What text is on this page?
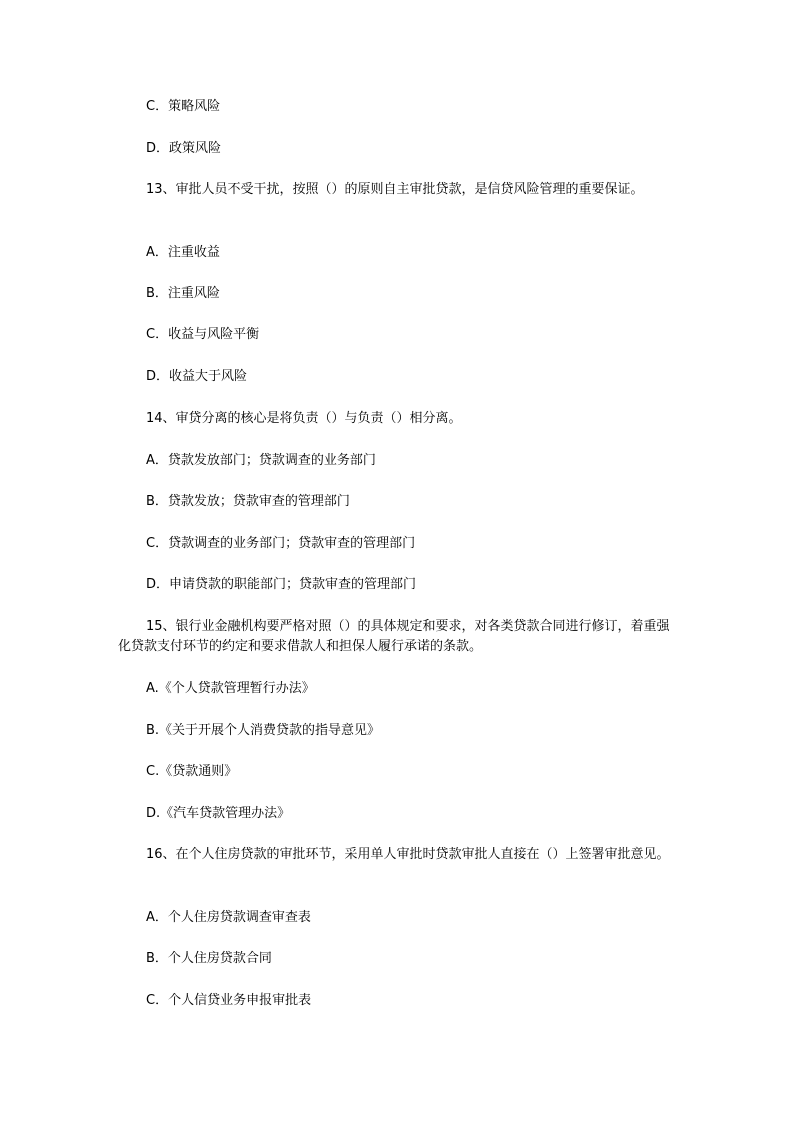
C．策略风险
D．政策风险
13、审批人员不受干扰，按照（）的原则自主审批贷款，是信贷风险管理的重要保证。
A．注重收益
B．注重风险
C．收益与风险平衡
D．收益大于风险
14、审贷分离的核心是将负责（）与负责（）相分离。
A．贷款发放部门；贷款调查的业务部门
B．贷款发放；贷款审查的管理部门
C．贷款调查的业务部门；贷款审查的管理部门
D．申请贷款的职能部门；贷款审查的管理部门
15、银行业金融机构要严格对照（）的具体规定和要求，对各类贷款合同进行修订，着重强化贷款支付环节的约定和要求借款人和担保人履行承诺的条款。
A.《个人贷款管理暂行办法》
B.《关于开展个人消费贷款的指导意见》
C.《贷款通则》
D.《汽车贷款管理办法》
16、在个人住房贷款的审批环节，采用单人审批时贷款审批人直接在（）上签署审批意见。
A．个人住房贷款调查审查表
B．个人住房贷款合同
C．个人信贷业务申报审批表
